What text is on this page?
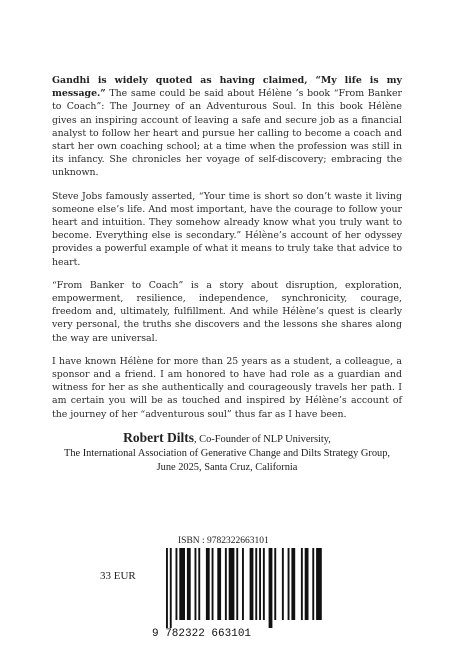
Gandhi is widely quoted as having claimed, “My life is my message.” The same could be said about Hélène ’s book “From Banker to Coach”: The Journey of an Adventurous Soul. In this book Hélène gives an inspiring account of leaving a safe and secure job as a financial analyst to follow her heart and pursue her calling to become a coach and start her own coaching school; at a time when the profession was still in its infancy. She chronicles her voyage of self-discovery; embracing the unknown.

Steve Jobs famously asserted, “Your time is short so don’t waste it living someone else’s life. And most important, have the courage to follow your heart and intuition. They somehow already know what you truly want to become. Everything else is secondary.” Hélène’s account of her odyssey provides a powerful example of what it means to truly take that advice to heart.

“From Banker to Coach” is a story about disruption, exploration, empowerment, resilience, independence, synchronicity, courage, freedom and, ultimately, fulfillment. And while Hélène’s quest is clearly very personal, the truths she discovers and the lessons she shares along the way are universal.

I have known Hélène for more than 25 years as a student, a colleague, a sponsor and a friend. I am honored to have had role as a guardian and witness for her as she authentically and courageously travels her path. I am certain you will be as touched and inspired by Hélène’s account of the journey of her “adventurous soul” thus far as I have been.

Robert Dilts, Co-Founder of NLP University,
The International Association of Generative Change and Dilts Strategy Group,
June 2025, Santa Cruz, California
ISBN : 9782322663101
33 EUR
9 782322 663101
